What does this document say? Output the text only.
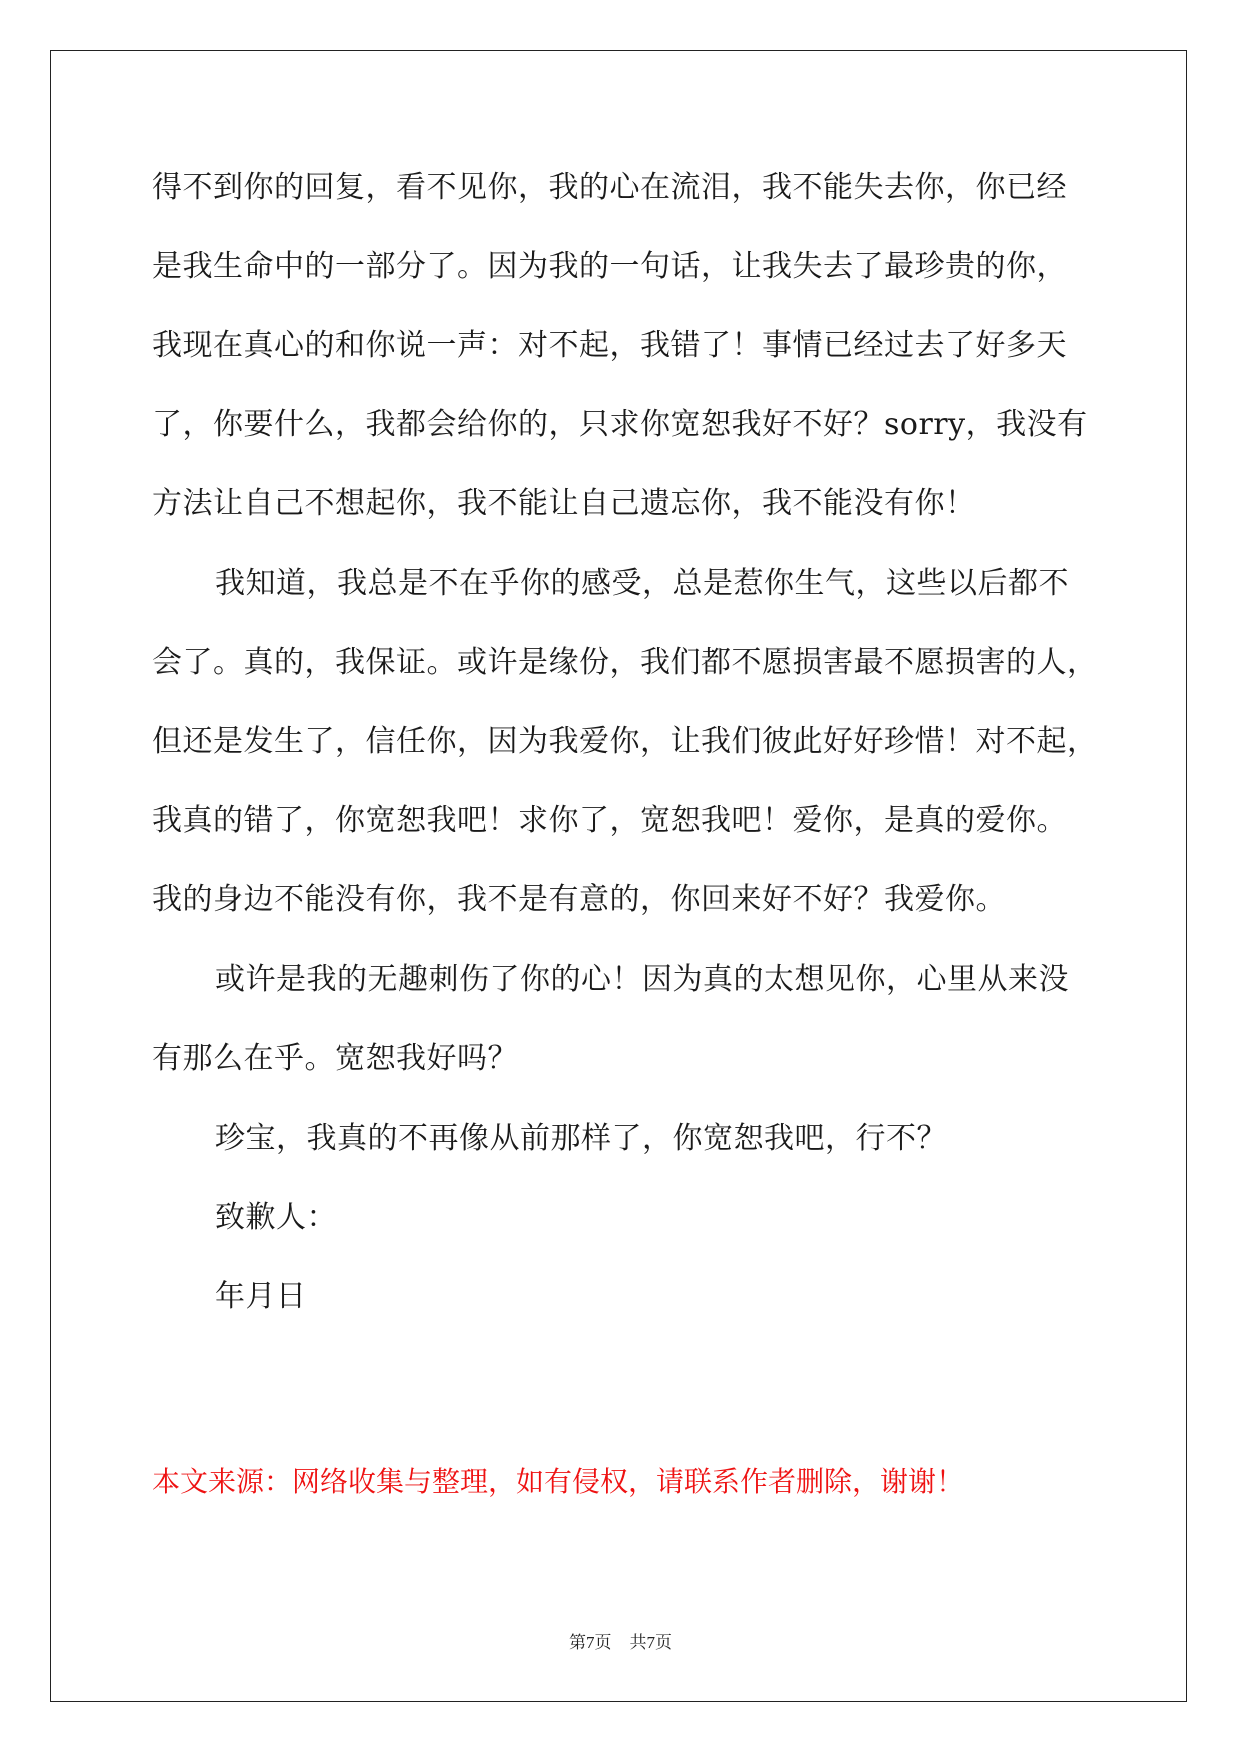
得不到你的回复，看不见你，我的心在流泪，我不能失去你，你已经
是我生命中的一部分了。因为我的一句话，让我失去了最珍贵的你，
我现在真心的和你说一声：对不起，我错了！事情已经过去了好多天
了，你要什么，我都会给你的，只求你宽恕我好不好？sorry，我没有
方法让自己不想起你，我不能让自己遗忘你，我不能没有你！
我知道，我总是不在乎你的感受，总是惹你生气，这些以后都不
会了。真的，我保证。或许是缘份，我们都不愿损害最不愿损害的人，
但还是发生了，信任你，因为我爱你，让我们彼此好好珍惜！对不起，
我真的错了，你宽恕我吧！求你了，宽恕我吧！爱你，是真的爱你。
我的身边不能没有你，我不是有意的，你回来好不好？我爱你。
或许是我的无趣刺伤了你的心！因为真的太想见你，心里从来没
有那么在乎。宽恕我好吗？
珍宝，我真的不再像从前那样了，你宽恕我吧，行不？
致歉人：
年月日
本文来源：网络收集与整理，如有侵权，请联系作者删除，谢谢！
第7页 共7页
